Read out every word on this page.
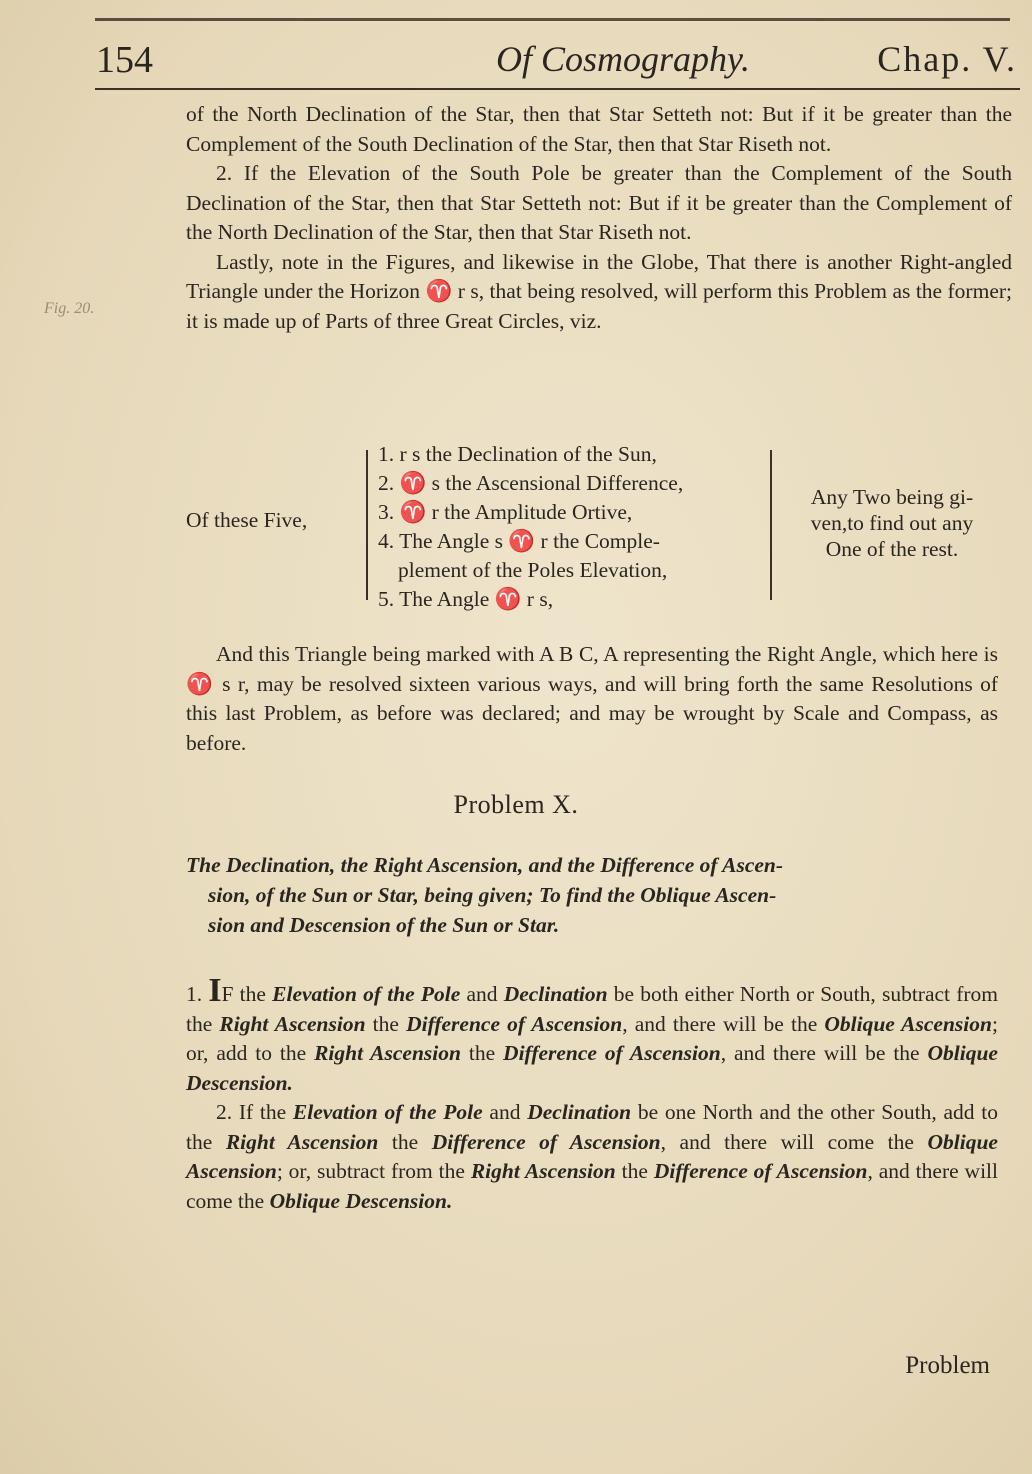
154	Of Cosmography.	Chap. V.
Fig. 20.

of the North Declination of the Star, then that Star Setteth not: But if it be greater than the Complement of the South Declination of the Star, then that Star Riseth not.

2. If the Elevation of the South Pole be greater than the Complement of the South Declination of the Star, then that Star Setteth not: But if it be greater than the Complement of the North Declination of the Star, then that Star Riseth not.

Lastly, note in the Figures, and likewise in the Globe, That there is another Right-angled Triangle under the Horizon ♈ r s, that being resolved, will perform this Problem as the former; it is made up of Parts of three Great Circles, viz.

Of these Five,
1. r s the Declination of the Sun,
2. ♈ s the Ascensional Difference,
3. ♈ r the Amplitude Ortive,
4. The Angle s ♈ r the Comple-
plement of the Poles Elevation,
5. The Angle ♈ r s,
Any Two being gi-
ven,to find out any
One of the rest.

And this Triangle being marked with A B C, A representing the Right Angle, which here is ♈ s r, may be resolved sixteen various ways, and will bring forth the same Resolutions of this last Problem, as before was declared; and may be wrought by Scale and Compass, as before.

Problem X.
The Declination, the Right Ascension, and the Difference of Ascen-
sion, of the Sun or Star, being given; To find the Oblique Ascen-
sion and Descension of the Sun or Star.

1. IF the Elevation of the Pole and Declination be both either North or South, subtract from the Right Ascension the Difference of Ascension, and there will be the Oblique Ascension; or, add to the Right Ascension the Difference of Ascension, and there will be the Oblique Descension.

2. If the Elevation of the Pole and Declination be one North and the other South, add to the Right Ascension the Difference of Ascension, and there will come the Oblique Ascension; or, subtract from the Right Ascension the Difference of Ascension, and there will come the Oblique Descension.

Problem
